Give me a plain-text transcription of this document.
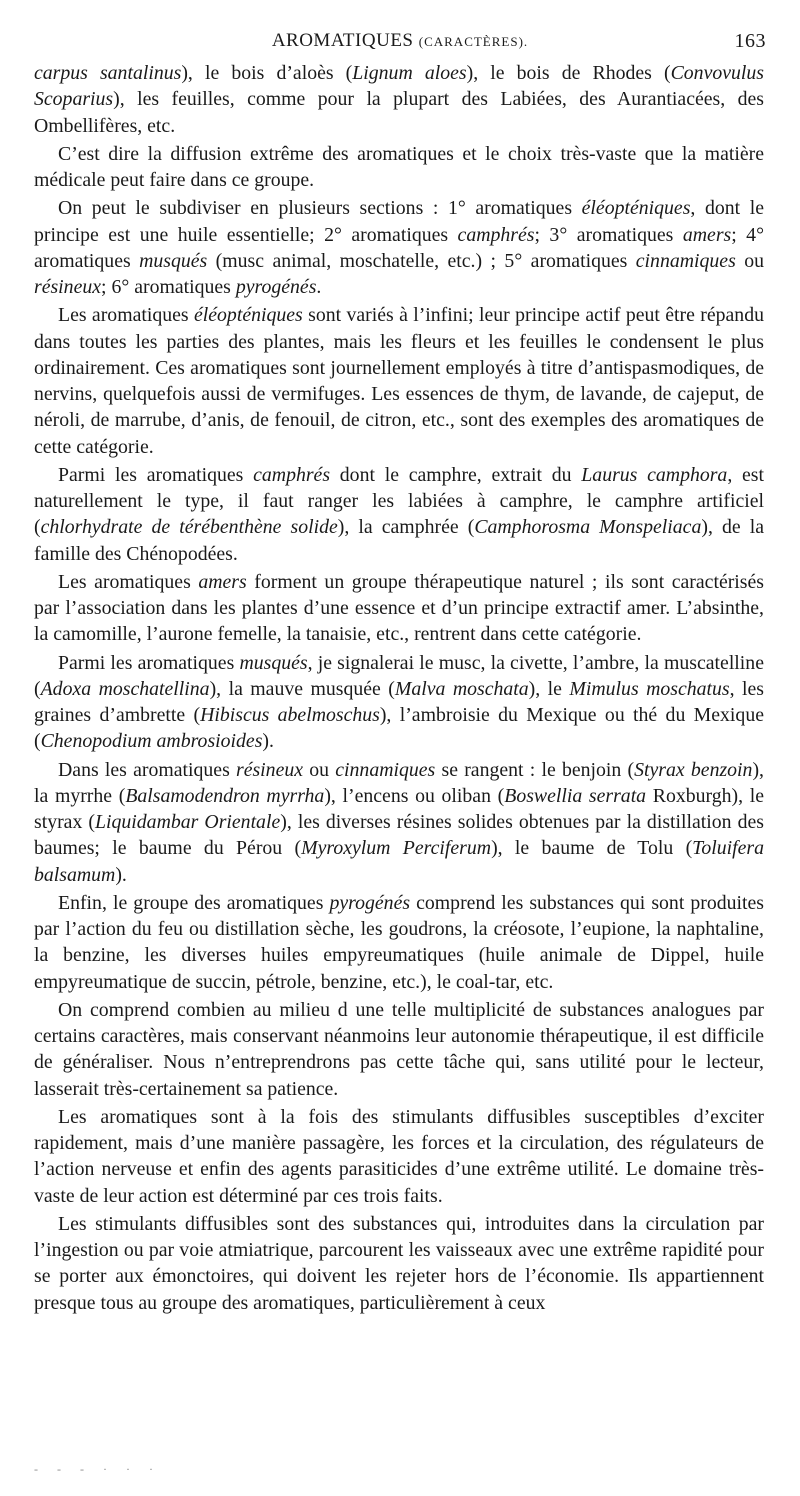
AROMATIQUES (CARACTÈRES).	163

carpus santalinus), le bois d’aloès (Lignum aloes), le bois de Rhodes (Convovulus Scoparius), les feuilles, comme pour la plupart des Labiées, des Aurantiacées, des Ombellifères, etc.

C’est dire la diffusion extrême des aromatiques et le choix très-vaste que la matière médicale peut faire dans ce groupe.

On peut le subdiviser en plusieurs sections : 1° aromatiques éléopténiques, dont le principe est une huile essentielle; 2° aromatiques camphrés; 3° aromatiques amers; 4° aromatiques musqués (musc animal, moschatelle, etc.) ; 5° aromatiques cinnamiques ou résineux; 6° aromatiques pyrogénés.

Les aromatiques éléopténiques sont variés à l’infini; leur principe actif peut être répandu dans toutes les parties des plantes, mais les fleurs et les feuilles le condensent le plus ordinairement. Ces aromatiques sont journellement employés à titre d’antispasmodiques, de nervins, quelquefois aussi de vermifuges. Les essences de thym, de lavande, de cajeput, de néroli, de marrube, d’anis, de fenouil, de citron, etc., sont des exemples des aromatiques de cette catégorie.

Parmi les aromatiques camphrés dont le camphre, extrait du Laurus camphora, est naturellement le type, il faut ranger les labiées à camphre, le camphre artificiel (chlorhydrate de térébenthène solide), la camphrée (Camphorosma Monspeliaca), de la famille des Chénopodées.

Les aromatiques amers forment un groupe thérapeutique naturel ; ils sont caractérisés par l’association dans les plantes d’une essence et d’un principe extractif amer. L’absinthe, la camomille, l’aurone femelle, la tanaisie, etc., rentrent dans cette catégorie.

Parmi les aromatiques musqués, je signalerai le musc, la civette, l’ambre, la muscatelline (Adoxa moschatellina), la mauve musquée (Malva moschata), le Mimulus moschatus, les graines d’ambrette (Hibiscus abelmoschus), l’ambroisie du Mexique ou thé du Mexique (Chenopodium ambrosioides).

Dans les aromatiques résineux ou cinnamiques se rangent : le benjoin (Styrax benzoin), la myrrhe (Balsamodendron myrrha), l’encens ou oliban (Boswellia serrata Roxburgh), le styrax (Liquidambar Orientale), les diverses résines solides obtenues par la distillation des baumes; le baume du Pérou (Myroxylum Perciferum), le baume de Tolu (Toluifera balsamum).

Enfin, le groupe des aromatiques pyrogénés comprend les substances qui sont produites par l’action du feu ou distillation sèche, les goudrons, la créosote, l’eupione, la naphtaline, la benzine, les diverses huiles empyreumatiques (huile animale de Dippel, huile empyreumatique de succin, pétrole, benzine, etc.), le coal-tar, etc.

On comprend combien au milieu d une telle multiplicité de substances analogues par certains caractères, mais conservant néanmoins leur autonomie thérapeutique, il est difficile de généraliser. Nous n’entreprendrons pas cette tâche qui, sans utilité pour le lecteur, lasserait très-certainement sa patience.

Les aromatiques sont à la fois des stimulants diffusibles susceptibles d’exciter rapidement, mais d’une manière passagère, les forces et la circulation, des régulateurs de l’action nerveuse et enfin des agents parasiticides d’une extrême utilité. Le domaine très-vaste de leur action est déterminé par ces trois faits.

Les stimulants diffusibles sont des substances qui, introduites dans la circulation par l’ingestion ou par voie atmiatrique, parcourent les vaisseaux avec une extrême rapidité pour se porter aux émonctoires, qui doivent les rejeter hors de l’économie. Ils appartiennent presque tous au groupe des aromatiques, particulièrement à ceux

- - - · · ·
